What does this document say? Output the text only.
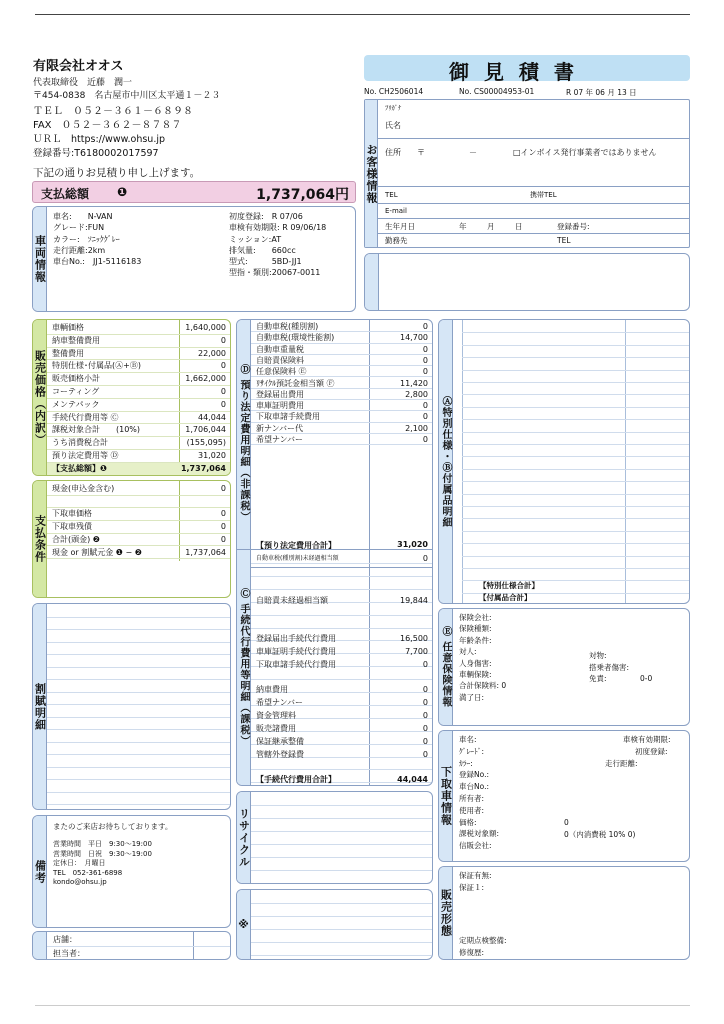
有限会社オオス
代表取締役　近藤　潤一
〒454-0838　名古屋市中川区太平通１－２３
ＴＥＬ　０５２－３６１－６８９８
FAX　０５２－３６２－８７８７
ＵＲＬ　https://www.ohsu.jp
登録番号:T6180002017597
下記の通りお見積り申し上げます。
支払総額 ❶	1,737,064円
車両情報
車名:　　N-VAN
グレード:FUN
カラー:　ｿﾆｯｸｸﾞﾚｰ
走行距離:2km
車台No.:　JJ1-5116183
初度登録:　R 07/06
車検有効期限: R 09/06/18
ミッション:AT
排気量:　　660cc
型式:　　　5BD-JJ1
型指・類別:20067-0011
御 見 積 書
No. CH2506014	No. CS00004953-01	R 07 年 06 月 13 日
お客様情報
ﾌﾘｶﾞﾅ
氏名
住所　　〒	－	□インボイス発行事業者ではありません
TEL	携帯TEL
E-mail
生年月日	年	月	日	登録番号:
勤務先	TEL
販売価格（内訳）
車輌価格	1,640,000
納車整備費用	0
整備費用	22,000
特別仕様･付属品(Ⓐ+Ⓑ)	0
販売価格小計	1,662,000
コーティング	0
メンテパック	0
手続代行費用等 Ⓒ	44,044
課税対象合計　　(10%)	1,706,044
うち消費税合計	(155,095)
預り法定費用等 Ⓓ	31,020
【支払総額】❶	1,737,064
支払条件
現金(申込金含む)	0
下取車価格	0
下取車残債	0
合計(頭金) ❷	0
現金 or 割賦元金 ❶ − ❷	1,737,064
割賦明細
備考
またのご来店お待ちしております。
営業時間　平日　9:30〜19:00
営業時間　日祝　9:30〜19:00
定休日：　月曜日
TEL　052-361-6898
kondo@ohsu.jp
店舗：
担当者：
Ⓓ 預り法定費用明細（非課税）
自動車税(種別割)	0
自動車税(環境性能割)	14,700
自動車重量税	0
自賠責保険料	0
任意保険料 Ⓔ	0
ﾘｻｲｸﾙ預託金相当額 Ⓕ	11,420
登録届出費用	2,800
車庫証明費用	0
下取車諸手続費用	0
新ナンバー代	2,100
希望ナンバー	0
【預り法定費用合計】	31,020
Ⓒ 手続代行費用等明細（課税）
自動車税(種別割)未経過相当額	0
自賠責未経過相当額	19,844
登録届出手続代行費用	16,500
車庫証明手続代行費用	7,700
下取車諸手続代行費用	0
納車費用	0
希望ナンバー	0
資金管理料	0
販売諸費用	0
保証継承整備	0
管轄外登録費	0
【手続代行費用合計】	44,044
リサイクル
※
Ⓐ特別仕様・Ⓑ付属品明細
【特別仕様合計】
【付属品合計】
Ⓔ 任意保険情報
保険会社:
保険種類:
年齢条件:
対人:
人身傷害:
車輌保険:
合計保険料: 0
満了日:
対物:
搭乗者傷害:
免責:	0-0
下取車情報
車名:
ｸﾞﾚｰﾄﾞ:
ｶﾗｰ:
登録No.:
車台No.:
所有者:
使用者:
価格:
課税対象額:
信販会社:
車検有効期限:
初度登録:
走行距離:
0
0（内消費税 10% 0)
販売形態
保証有無:
保証１:
定期点検整備:
修復歴:
